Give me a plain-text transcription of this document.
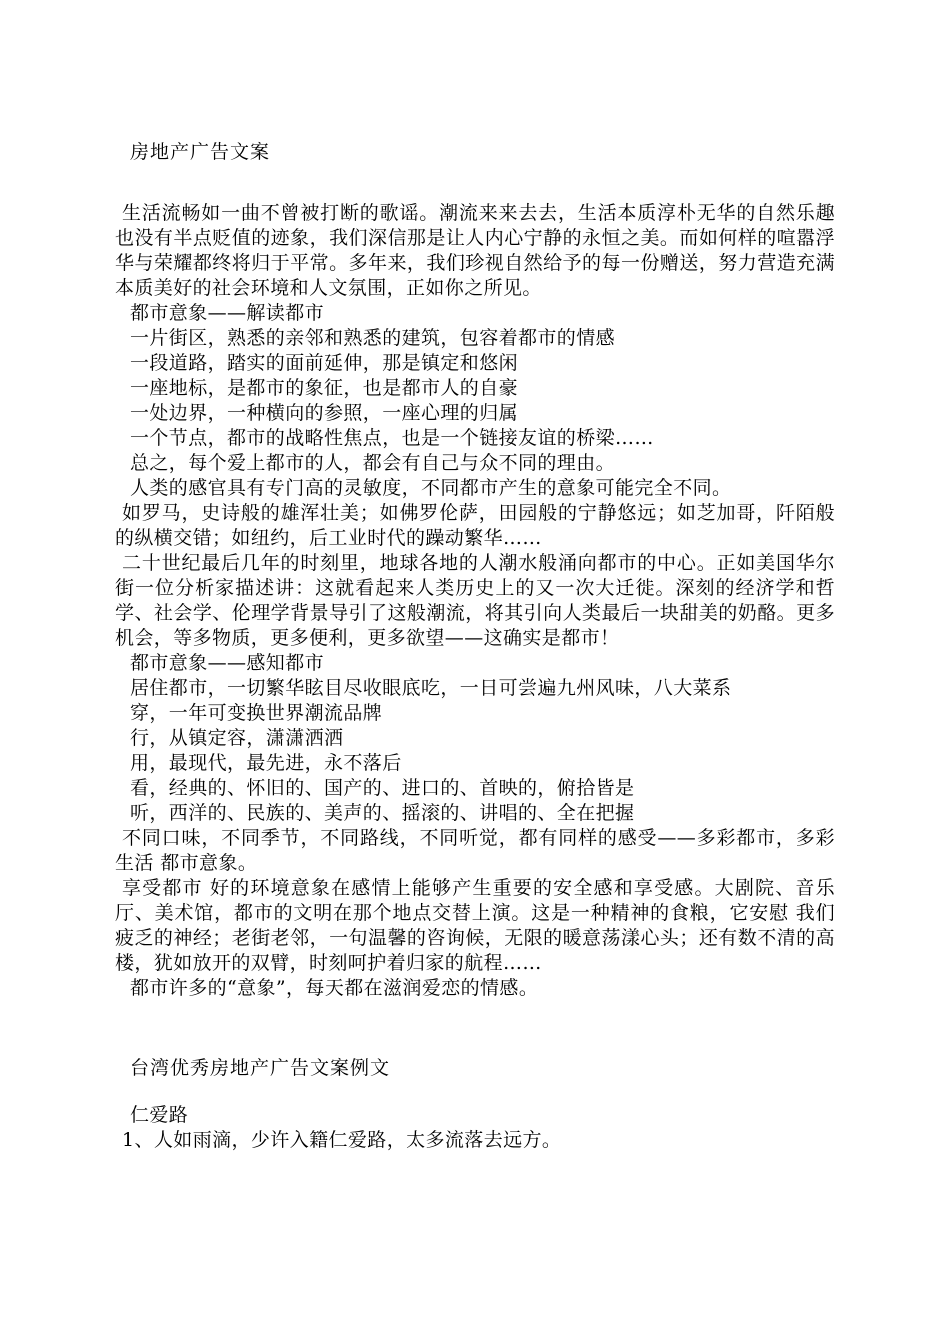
房地产广告文案

生活流畅如一曲不曾被打断的歌谣。潮流来来去去，生活本质淳朴无华的自然乐趣也没有半点贬值的迹象，我们深信那是让人内心宁静的永恒之美。而如何样的喧嚣浮华与荣耀都终将归于平常。多年来，我们珍视自然给予的每一份赠送，努力营造充满本质美好的社会环境和人文氛围，正如你之所见。

都市意象——解读都市

一片街区，熟悉的亲邻和熟悉的建筑，包容着都市的情感

一段道路，踏实的面前延伸，那是镇定和悠闲

一座地标，是都市的象征，也是都市人的自豪

一处边界，一种横向的参照，一座心理的归属

一个节点，都市的战略性焦点，也是一个链接友谊的桥梁……

总之，每个爱上都市的人，都会有自己与众不同的理由。

人类的感官具有专门高的灵敏度，不同都市产生的意象可能完全不同。

如罗马，史诗般的雄浑壮美；如佛罗伦萨，田园般的宁静悠远；如芝加哥，阡陌般的纵横交错；如纽约，后工业时代的躁动繁华……

二十世纪最后几年的时刻里，地球各地的人潮水般涌向都市的中心。正如美国华尔街一位分析家描述讲：这就看起来人类历史上的又一次大迁徙。深刻的经济学和哲学、社会学、伦理学背景导引了这般潮流，将其引向人类最后一块甜美的奶酪。更多机会，等多物质，更多便利，更多欲望——这确实是都市！

都市意象——感知都市

居住都市，一切繁华眩目尽收眼底吃，一日可尝遍九州风味，八大菜系

穿，一年可变换世界潮流品牌

行，从镇定容，潇潇洒洒

用，最现代，最先进，永不落后

看，经典的、怀旧的、国产的、进口的、首映的，俯拾皆是

听，西洋的、民族的、美声的、摇滚的、讲唱的、全在把握

不同口味，不同季节，不同路线，不同听觉，都有同样的感受——多彩都市，多彩生活 都市意象。

享受都市 好的环境意象在感情上能够产生重要的安全感和享受感。大剧院、音乐厅、美术馆，都市的文明在那个地点交替上演。这是一种精神的食粮，它安慰 我们疲乏的神经；老街老邻，一句温馨的咨询候，无限的暖意荡漾心头；还有数不清的高楼，犹如放开的双臂，时刻呵护着归家的航程……

都市许多的“意象”，每天都在滋润爱恋的情感。

台湾优秀房地产广告文案例文

仁爱路

1、人如雨滴，少许入籍仁爱路，太多流落去远方。
